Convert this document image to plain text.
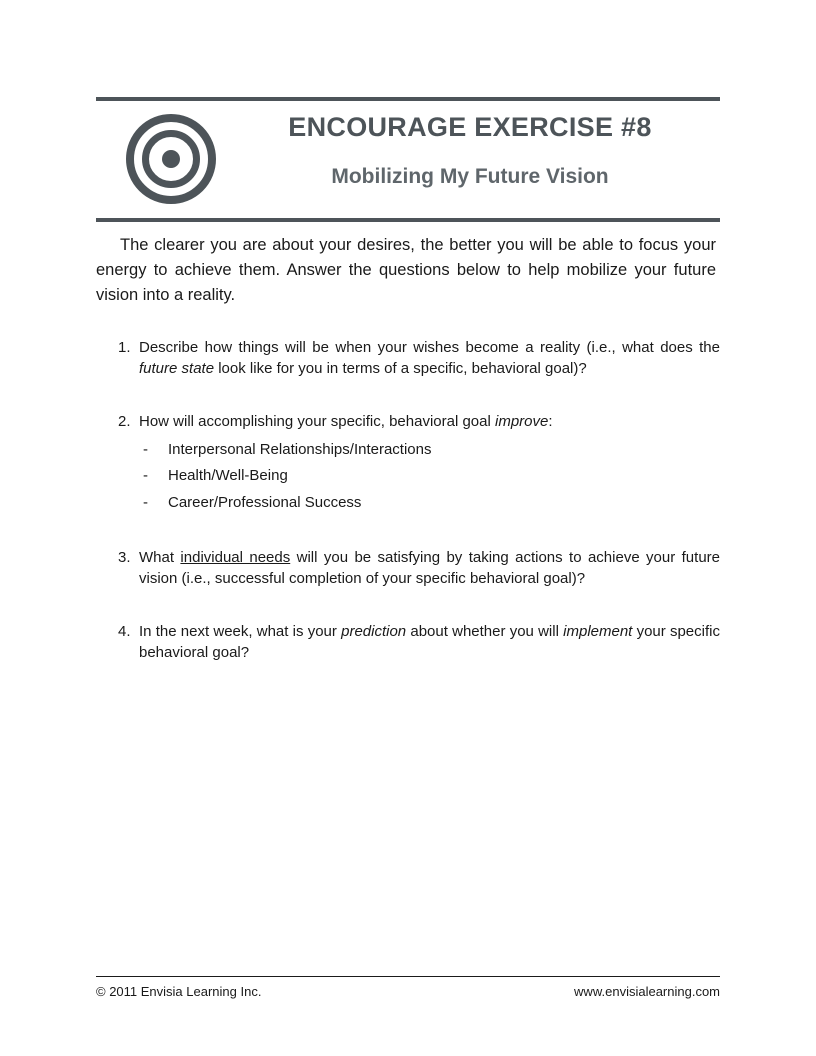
ENCOURAGE EXERCISE #8
Mobilizing My Future Vision

The clearer you are about your desires, the better you will be able to focus your energy to achieve them. Answer the questions below to help mobilize your future vision into a reality.

1. Describe how things will be when your wishes become a reality (i.e., what does the future state look like for you in terms of a specific, behavioral goal)?
2. How will accomplishing your specific, behavioral goal improve:
- Interpersonal Relationships/Interactions
- Health/Well-Being
- Career/Professional Success
3. What individual needs will you be satisfying by taking actions to achieve your future vision (i.e., successful completion of your specific behavioral goal)?
4. In the next week, what is your prediction about whether you will implement your specific behavioral goal?

© 2011 Envisia Learning Inc.	www.envisialearning.com
